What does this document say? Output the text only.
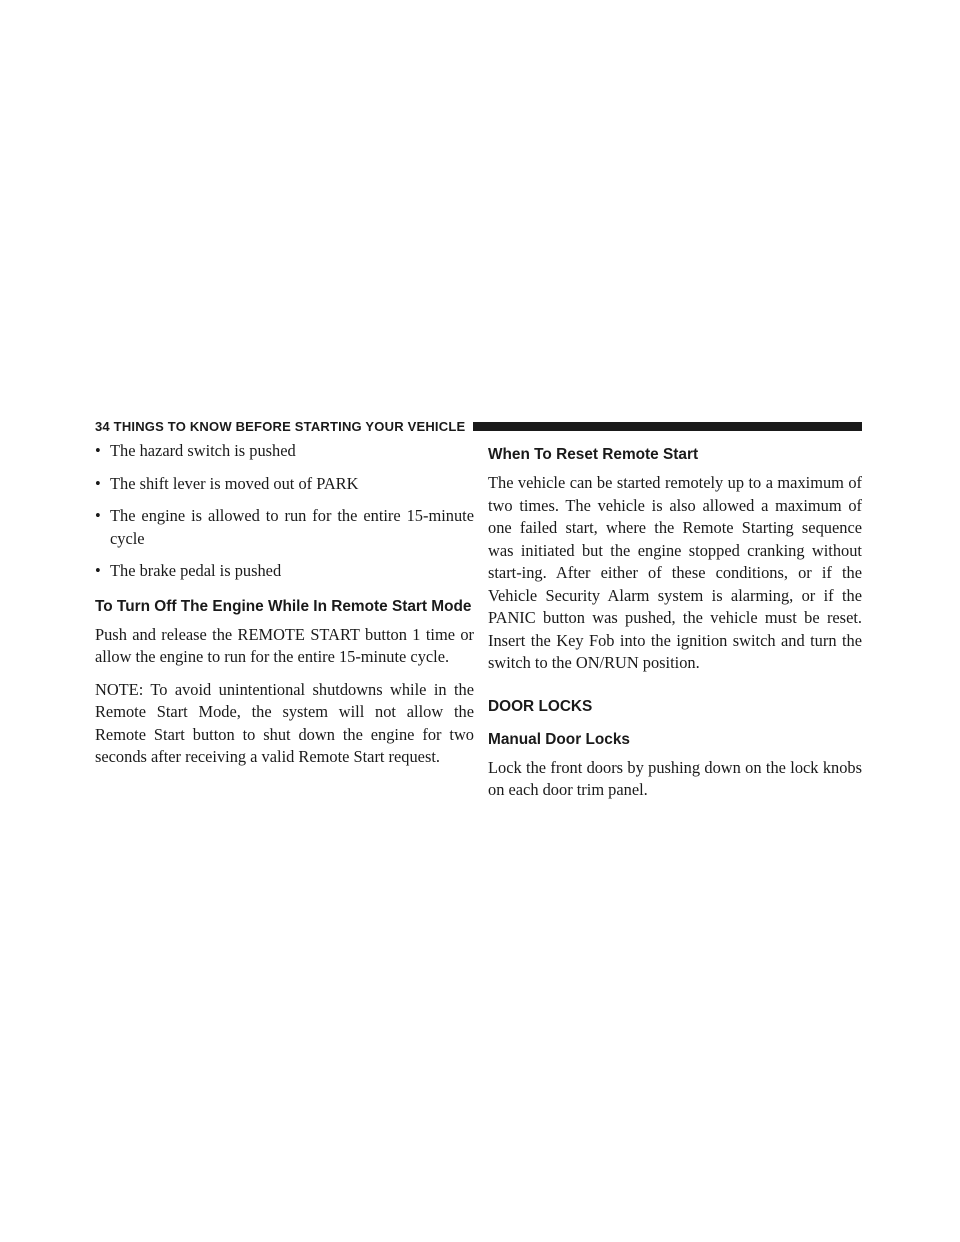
34 THINGS TO KNOW BEFORE STARTING YOUR VEHICLE
• The hazard switch is pushed
• The shift lever is moved out of PARK
• The engine is allowed to run for the entire 15-minute cycle
• The brake pedal is pushed
To Turn Off The Engine While In Remote Start Mode

Push and release the REMOTE START button 1 time or allow the engine to run for the entire 15-minute cycle.

NOTE: To avoid unintentional shutdowns while in the Remote Start Mode, the system will not allow the Remote Start button to shut down the engine for two seconds after receiving a valid Remote Start request.

When To Reset Remote Start

The vehicle can be started remotely up to a maximum of two times. The vehicle is also allowed a maximum of one failed start, where the Remote Starting sequence was initiated but the engine stopped cranking without start-ing. After either of these conditions, or if the Vehicle Security Alarm system is alarming, or if the PANIC button was pushed, the vehicle must be reset. Insert the Key Fob into the ignition switch and turn the switch to the ON/RUN position.

DOOR LOCKS
Manual Door Locks

Lock the front doors by pushing down on the lock knobs on each door trim panel.
